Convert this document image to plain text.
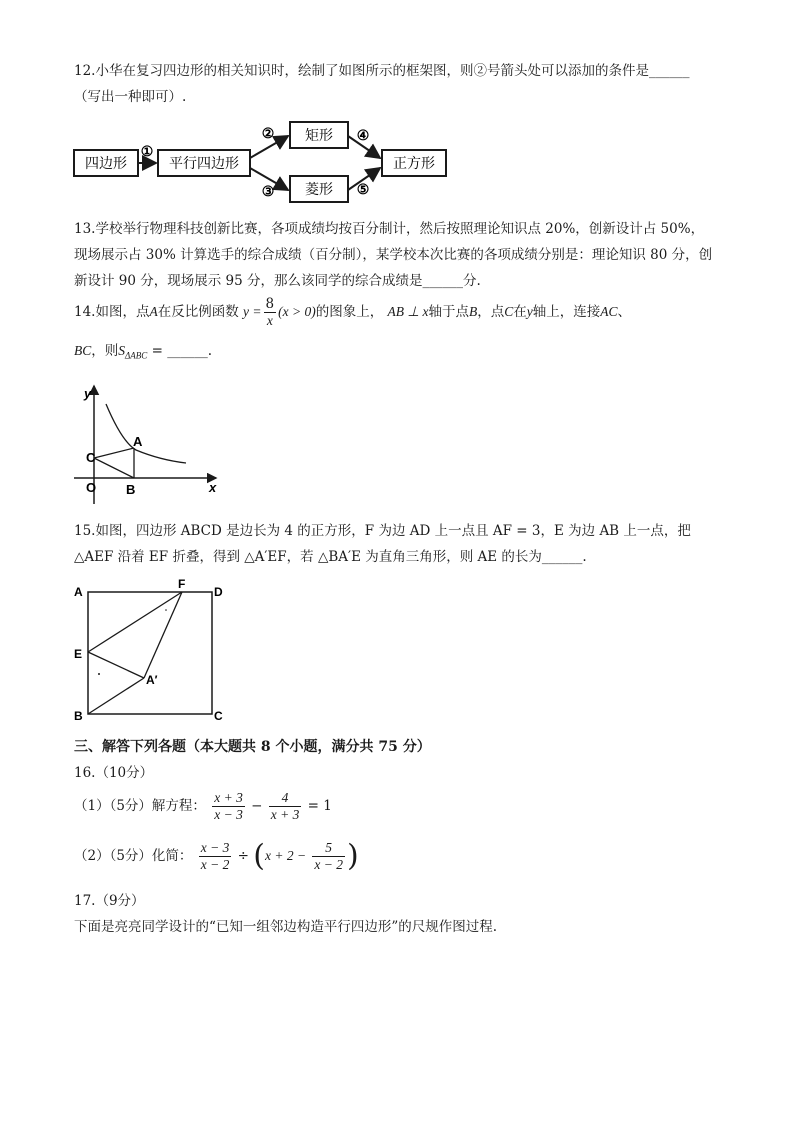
12.小华在复习四边形的相关知识时，绘制了如图所示的框架图，则②号箭头处可以添加的条件是______
（写出一种即可）.
四边形	平行四边形
矩形
菱形
正方形
①
②
③
④
⑤
13.学校举行物理科技创新比赛，各项成绩均按百分制计，然后按照理论知识点 20%，创新设计占 50%，
现场展示占 30% 计算选手的综合成绩（百分制），某学校本次比赛的各项成绩分别是：理论知识 80 分，创
新设计 90 分，现场展示 95 分，那么该同学的综合成绩是______分.
14.如图，点A在反比例函数 $y = \frac{8}{x} (x > 0)$的图象上， AB ⊥ x轴于点B，点C在y轴上，连接AC、
BC，则$S_{\Delta ABC}$ = ______.
y
x
C
A
O B
15.如图，四边形 ABCD 是边长为 4 的正方形，F 为边 AD 上一点且 AF = 3，E 为边 AB 上一点，把
△AEF 沿着 EF 折叠，得到 △A′EF，若 △BA′E 为直角三角形，则 AE 的长为______.
A	D
E
F
A′
B	C
三、解答下列各题（本大题共 8 个小题，满分共 75 分）
16.（10分）
（1）（5分）解方程： $\frac{x + 3}{x - 3} - \frac{4}{x + 3} = 1$
（2）（5分）化简： $\frac{x - 3}{x - 2} \div (x + 2 - \frac{5}{x - 2}$ )
17.（9分）
下面是亮亮同学设计的“已知一组邻边构造平行四边形”的尺规作图过程.
